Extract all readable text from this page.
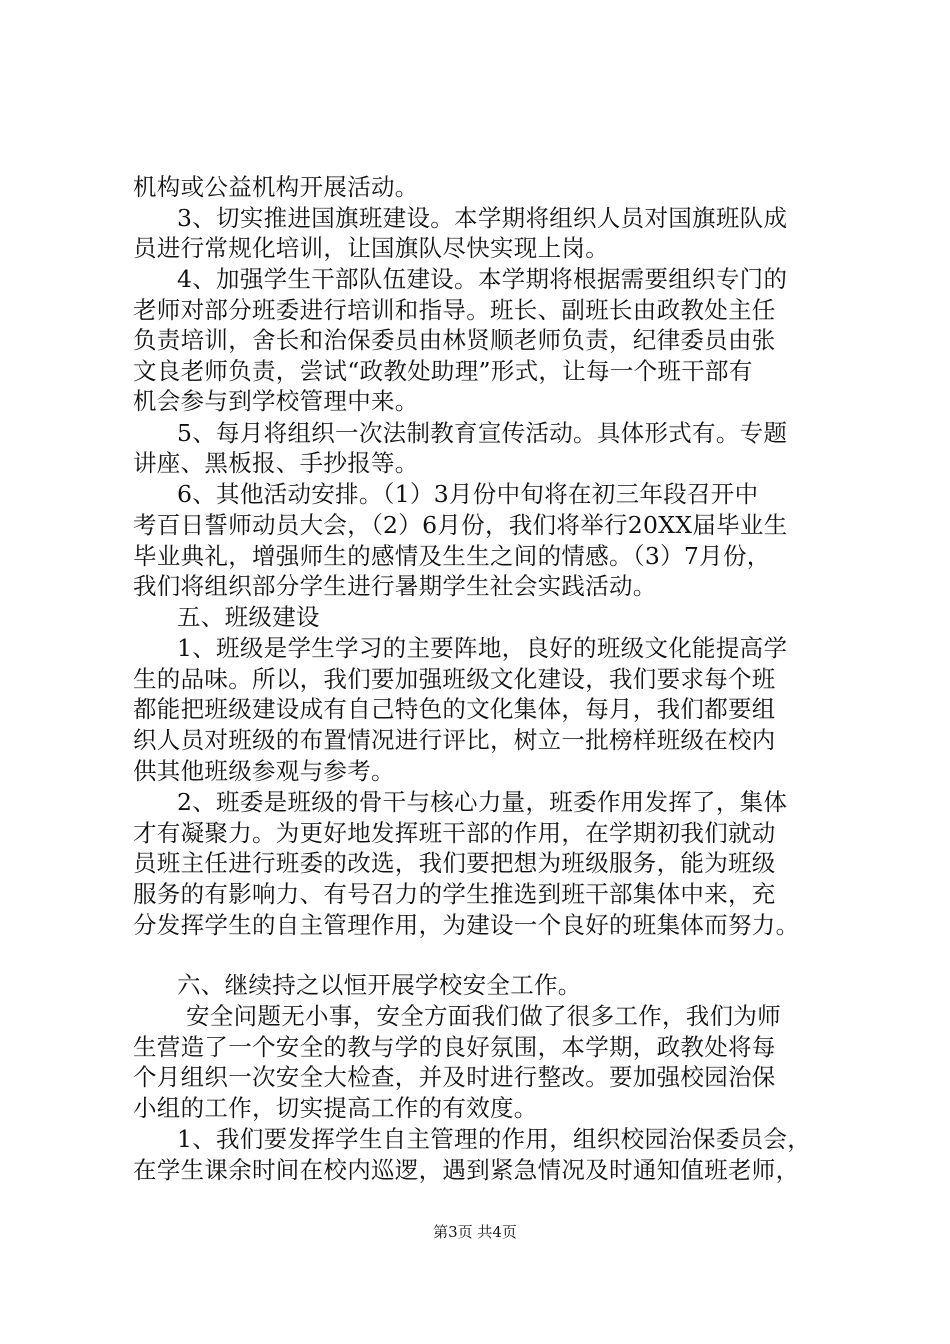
机构或公益机构开展活动。
3、切实推进国旗班建设。本学期将组织人员对国旗班队成
员进行常规化培训，让国旗队尽快实现上岗。
4、加强学生干部队伍建设。本学期将根据需要组织专门的
老师对部分班委进行培训和指导。班长、副班长由政教处主任
负责培训，舍长和治保委员由林贤顺老师负责，纪律委员由张
文良老师负责，尝试“政教处助理”形式，让每一个班干部有
机会参与到学校管理中来。
5、每月将组织一次法制教育宣传活动。具体形式有。专题
讲座、黑板报、手抄报等。
6、其他活动安排。（1）3月份中旬将在初三年段召开中
考百日誓师动员大会，（2）6月份，我们将举行20XX届毕业生
毕业典礼，增强师生的感情及生生之间的情感。（3）7月份，
我们将组织部分学生进行暑期学生社会实践活动。
五、班级建设
1、班级是学生学习的主要阵地，良好的班级文化能提高学
生的品味。所以，我们要加强班级文化建设，我们要求每个班
都能把班级建设成有自己特色的文化集体，每月，我们都要组
织人员对班级的布置情况进行评比，树立一批榜样班级在校内
供其他班级参观与参考。
2、班委是班级的骨干与核心力量，班委作用发挥了，集体
才有凝聚力。为更好地发挥班干部的作用，在学期初我们就动
员班主任进行班委的改选，我们要把想为班级服务，能为班级
服务的有影响力、有号召力的学生推选到班干部集体中来，充
分发挥学生的自主管理作用，为建设一个良好的班集体而努力。
六、继续持之以恒开展学校安全工作。
安全问题无小事，安全方面我们做了很多工作，我们为师
生营造了一个安全的教与学的良好氛围，本学期，政教处将每
个月组织一次安全大检查，并及时进行整改。要加强校园治保
小组的工作，切实提高工作的有效度。
1、我们要发挥学生自主管理的作用，组织校园治保委员会，
在学生课余时间在校内巡逻，遇到紧急情况及时通知值班老师，
第3页 共4页
